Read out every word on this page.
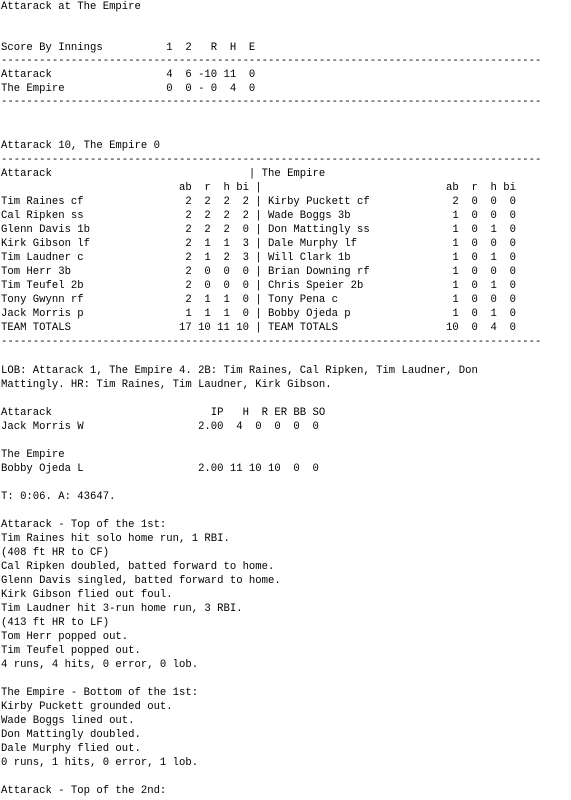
Attarack at The Empire
Score By Innings          1  2   R  H  E
-------------------------------------------------------------------------------------
Attarack                  4  6 -10 11  0
The Empire                0  0 - 0  4  0
-------------------------------------------------------------------------------------
Attarack 10, The Empire 0
-------------------------------------------------------------------------------------
Attarack                               | The Empire
ab  r  h bi |                             ab  r  h bi
Tim Raines cf                2  2  2  2 | Kirby Puckett cf             2  0  0  0
Cal Ripken ss                2  2  2  2 | Wade Boggs 3b                1  0  0  0
Glenn Davis 1b               2  2  2  0 | Don Mattingly ss             1  0  1  0
Kirk Gibson lf               2  1  1  3 | Dale Murphy lf               1  0  0  0
Tim Laudner c                2  1  2  3 | Will Clark 1b                1  0  1  0
Tom Herr 3b                  2  0  0  0 | Brian Downing rf             1  0  0  0
Tim Teufel 2b                2  0  0  0 | Chris Speier 2b              1  0  1  0
Tony Gwynn rf                2  1  1  0 | Tony Pena c                  1  0  0  0
Jack Morris p                1  1  1  0 | Bobby Ojeda p                1  0  1  0
TEAM TOTALS                 17 10 11 10 | TEAM TOTALS                 10  0  4  0
-------------------------------------------------------------------------------------
LOB: Attarack 1, The Empire 4. 2B: Tim Raines, Cal Ripken, Tim Laudner, Don
Mattingly. HR: Tim Raines, Tim Laudner, Kirk Gibson.
Attarack                         IP   H  R ER BB SO
Jack Morris W                  2.00  4  0  0  0  0
The Empire
Bobby Ojeda L                  2.00 11 10 10  0  0
T: 0:06. A: 43647.
Attarack - Top of the 1st:
Tim Raines hit solo home run, 1 RBI.
(408 ft HR to CF)
Cal Ripken doubled, batted forward to home.
Glenn Davis singled, batted forward to home.
Kirk Gibson flied out foul.
Tim Laudner hit 3-run home run, 3 RBI.
(413 ft HR to LF)
Tom Herr popped out.
Tim Teufel popped out.
4 runs, 4 hits, 0 error, 0 lob.
The Empire - Bottom of the 1st:
Kirby Puckett grounded out.
Wade Boggs lined out.
Don Mattingly doubled.
Dale Murphy flied out.
0 runs, 1 hits, 0 error, 1 lob.
Attarack - Top of the 2nd:
